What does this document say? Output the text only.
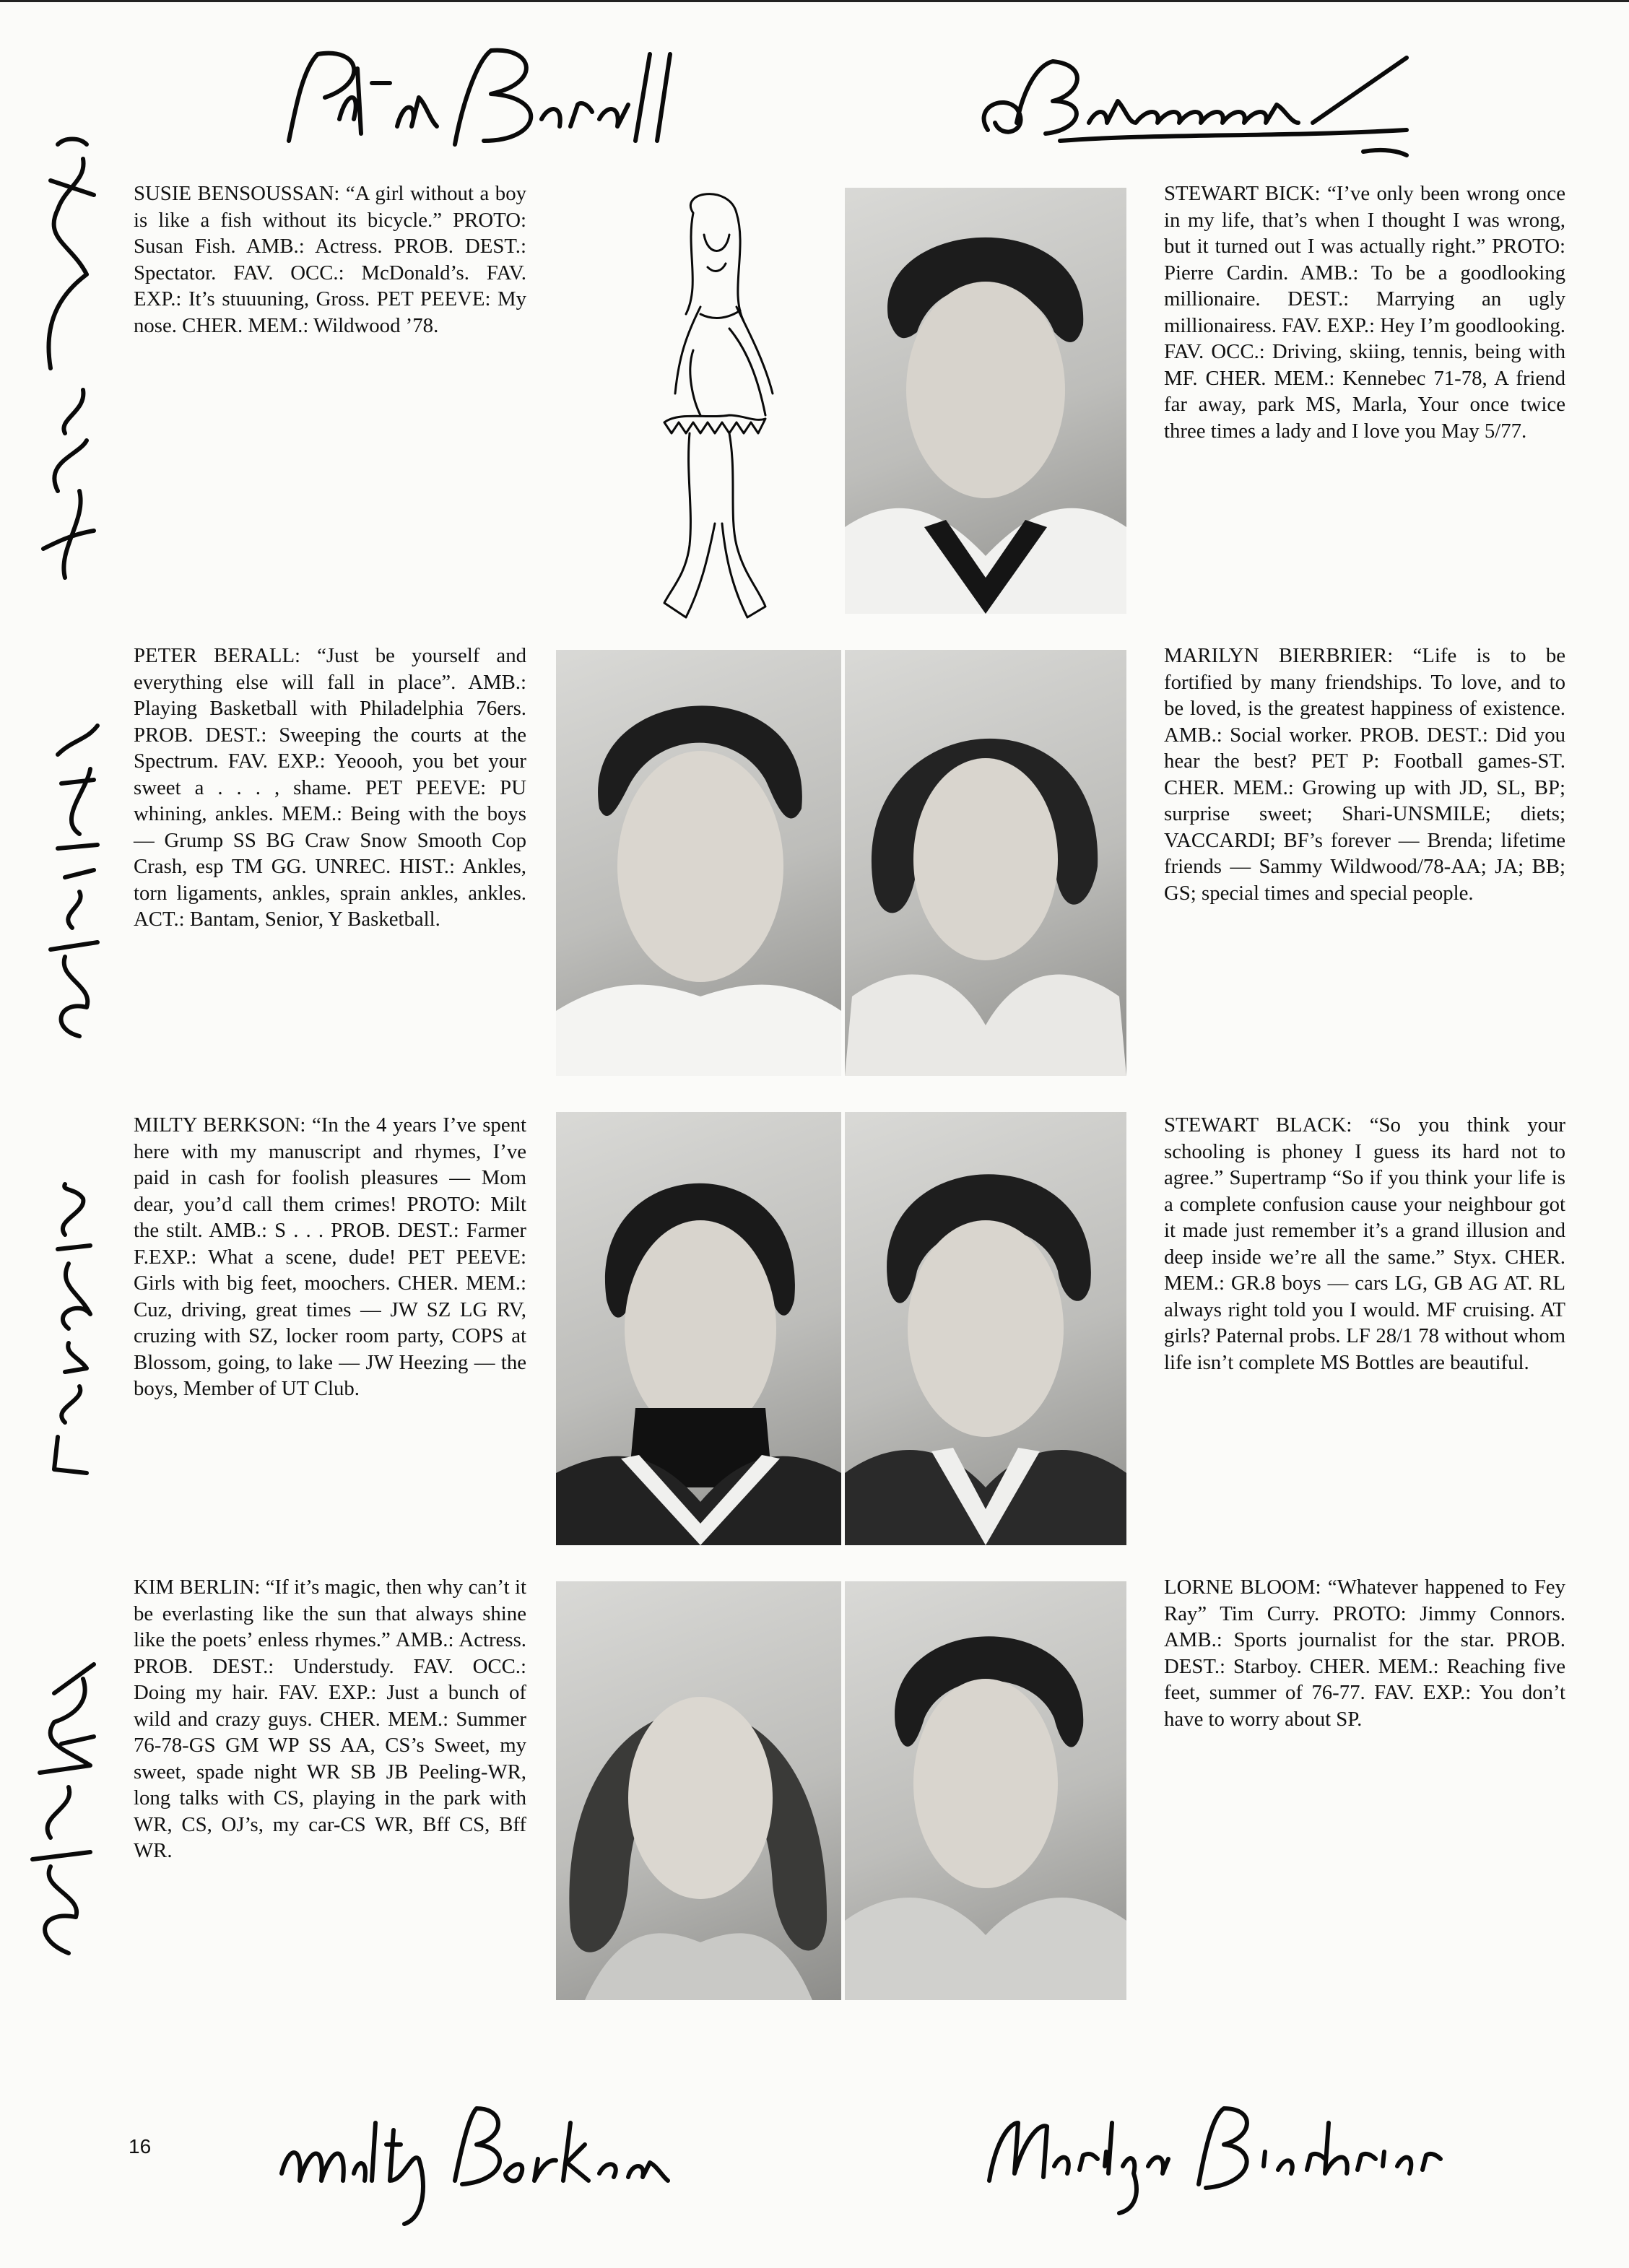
SUSIE BENSOUSSAN: “A girl without a boy is like a fish without its bicycle.” PROTO: Susan Fish. AMB.: Actress. PROB. DEST.: Spectator. FAV. OCC.: McDonald’s. FAV. EXP.: It’s stuuuning, Gross. PET PEEVE: My nose. CHER. MEM.: Wildwood ’78.

STEWART BICK: “I’ve only been wrong once in my life, that’s when I thought I was wrong, but it turned out I was actually right.” PROTO: Pierre Cardin. AMB.: To be a goodlooking millionaire. DEST.: Marrying an ugly millionairess. FAV. EXP.: Hey I’m goodlooking. FAV. OCC.: Driving, skiing, tennis, being with MF. CHER. MEM.: Kennebec 71-78, A friend far away, park MS, Marla, Your once twice three times a lady and I love you May 5/77.

PETER BERALL: “Just be yourself and everything else will fall in place”. AMB.: Playing Basketball with Philadelphia 76ers. PROB. DEST.: Sweeping the courts at the Spectrum. FAV. EXP.: Yeoooh, you bet your sweet a . . . , shame. PET PEEVE: PU whining, ankles. MEM.: Being with the boys — Grump SS BG Craw Snow Smooth Cop Crash, esp TM GG. UNREC. HIST.: Ankles, torn ligaments, ankles, sprain ankles, ankles. ACT.: Bantam, Senior, Y Basketball.

MARILYN BIERBRIER: “Life is to be fortified by many friendships. To love, and to be loved, is the greatest happiness of existence. AMB.: Social worker. PROB. DEST.: Did you hear the best? PET P: Football games-ST. CHER. MEM.: Growing up with JD, SL, BP; surprise sweet; Shari-UNSMILE; diets; VACCARDI; BF’s forever — Brenda; lifetime friends — Sammy Wildwood/78-AA; JA; BB; GS; special times and special people.

MILTY BERKSON: “In the 4 years I’ve spent here with my manuscript and rhymes, I’ve paid in cash for foolish pleasures — Mom dear, you’d call them crimes! PROTO: Milt the stilt. AMB.: S . . . PROB. DEST.: Farmer F.EXP.: What a scene, dude! PET PEEVE: Girls with big feet, moochers. CHER. MEM.: Cuz, driving, great times — JW SZ LG RV, cruzing with SZ, locker room party, COPS at Blossom, going, to lake — JW Heezing — the boys, Member of UT Club.

STEWART BLACK: “So you think your schooling is phoney I guess its hard not to agree.” Supertramp “So if you think your life is a complete confusion cause your neighbour got it made just remember it’s a grand illusion and deep inside we’re all the same.” Styx. CHER. MEM.: GR.8 boys — cars LG, GB AG AT. RL always right told you I would. MF cruising. AT girls? Paternal probs. LF 28/1 78 without whom life isn’t complete MS Bottles are beautiful.

KIM BERLIN: “If it’s magic, then why can’t it be everlasting like the sun that always shine like the poets’ enless rhymes.” AMB.: Actress. PROB. DEST.: Understudy. FAV. OCC.: Doing my hair. FAV. EXP.: Just a bunch of wild and crazy guys. CHER. MEM.: Summer 76-78-GS GM WP SS AA, CS’s Sweet, my sweet, spade night WR SB JB Peeling-WR, long talks with CS, playing in the park with WR, CS, OJ’s, my car-CS WR, Bff CS, Bff WR.

LORNE BLOOM: “Whatever happened to Fey Ray” Tim Curry. PROTO: Jimmy Connors. AMB.: Sports journalist for the star. PROB. DEST.: Starboy. CHER. MEM.: Reaching five feet, summer of 76-77. FAV. EXP.: You don’t have to worry about SP.

16
